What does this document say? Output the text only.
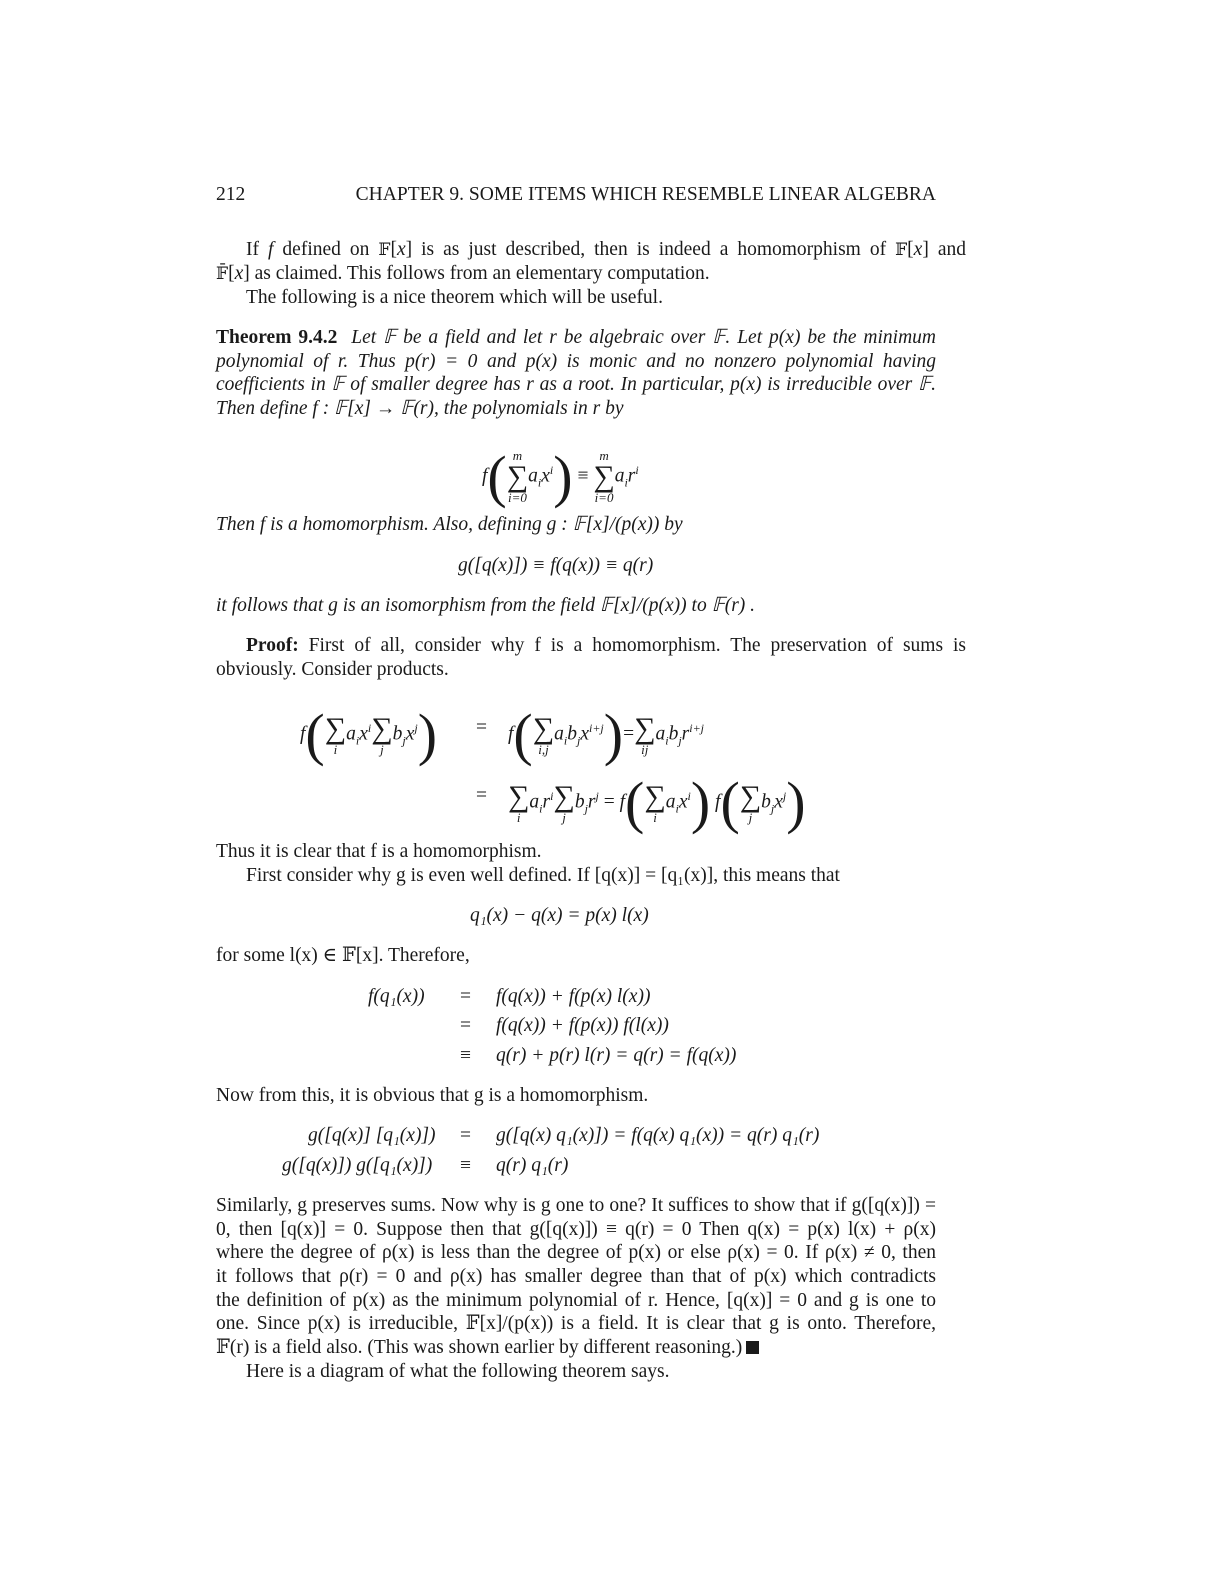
212	CHAPTER 9. SOME ITEMS WHICH RESEMBLE LINEAR ALGEBRA
If f defined on 𝔽[x] is as just described, then is indeed a homomorphism of 𝔽[x] and
𝔽̄[x] as claimed. This follows from an elementary computation.
The following is a nice theorem which will be useful.
Theorem 9.4.2 Let 𝔽 be a field and let r be algebraic over 𝔽. Let p(x) be the minimum
polynomial of r. Thus p(r) = 0 and p(x) is monic and no nonzero polynomial having
coefficients in 𝔽 of smaller degree has r as a root. In particular, p(x) is irreducible over 𝔽.
Then define f : 𝔽[x] → 𝔽(r), the polynomials in r by
f( m
∑
i=0
$a_ix^i$) ≡
m
∑
i=0
$a_ir^i$
Then f is a homomorphism. Also, defining g : 𝔽[x]/(p(x)) by
g([q(x)]) ≡ f(q(x)) ≡ q(r)
it follows that g is an isomorphism from the field 𝔽[x]/(p(x)) to 𝔽(r) .
Proof: First of all, consider why f is a homomorphism. The preservation of sums is
obviously. Consider products.
f( ∑
i
$a_ix^i$ ∑
j
$b_jx^j) = f$( ∑
i,j
$a_ib_jx^{i+j})=$ ∑
ij
$a_ib_jr^{i+j}$
= ∑
i
$a_ir^i$ ∑
j
$b_jr^j = f$( ∑
i
$a_ix^i$) f( ∑
j
$b_jx^j$)
Thus it is clear that f is a homomorphism.
First consider why g is even well defined. If [q(x)] = [q₁(x)], this means that
q₁(x) − q(x) = p(x) l(x)
for some l(x) ∈ 𝔽[x]. Therefore,
f(q₁(x)) = f(q(x)) + f(p(x) l(x))
= f(q(x)) + f(p(x)) f(l(x))
≡ q(r) + p(r) l(r) = q(r) = f(q(x))
Now from this, it is obvious that g is a homomorphism.
g([q(x)] [q₁(x)]) = g([q(x) q₁(x)]) = f(q(x) q₁(x)) = q(r) q₁(r)
g([q(x)]) g([q₁(x)]) ≡ q(r) q₁(r)
Similarly, g preserves sums. Now why is g one to one? It suffices to show that if g([q(x)]) =
0, then [q(x)] = 0. Suppose then that g([q(x)]) ≡ q(r) = 0 Then q(x) = p(x) l(x) + ρ(x)
where the degree of ρ(x) is less than the degree of p(x) or else ρ(x) = 0. If ρ(x) ≠ 0, then
it follows that ρ(r) = 0 and ρ(x) has smaller degree than that of p(x) which contradicts
the definition of p(x) as the minimum polynomial of r. Hence, [q(x)] = 0 and g is one to
one. Since p(x) is irreducible, 𝔽[x]/(p(x)) is a field. It is clear that g is onto. Therefore,
𝔽(r) is a field also. (This was shown earlier by different reasoning.)
Here is a diagram of what the following theorem says.
